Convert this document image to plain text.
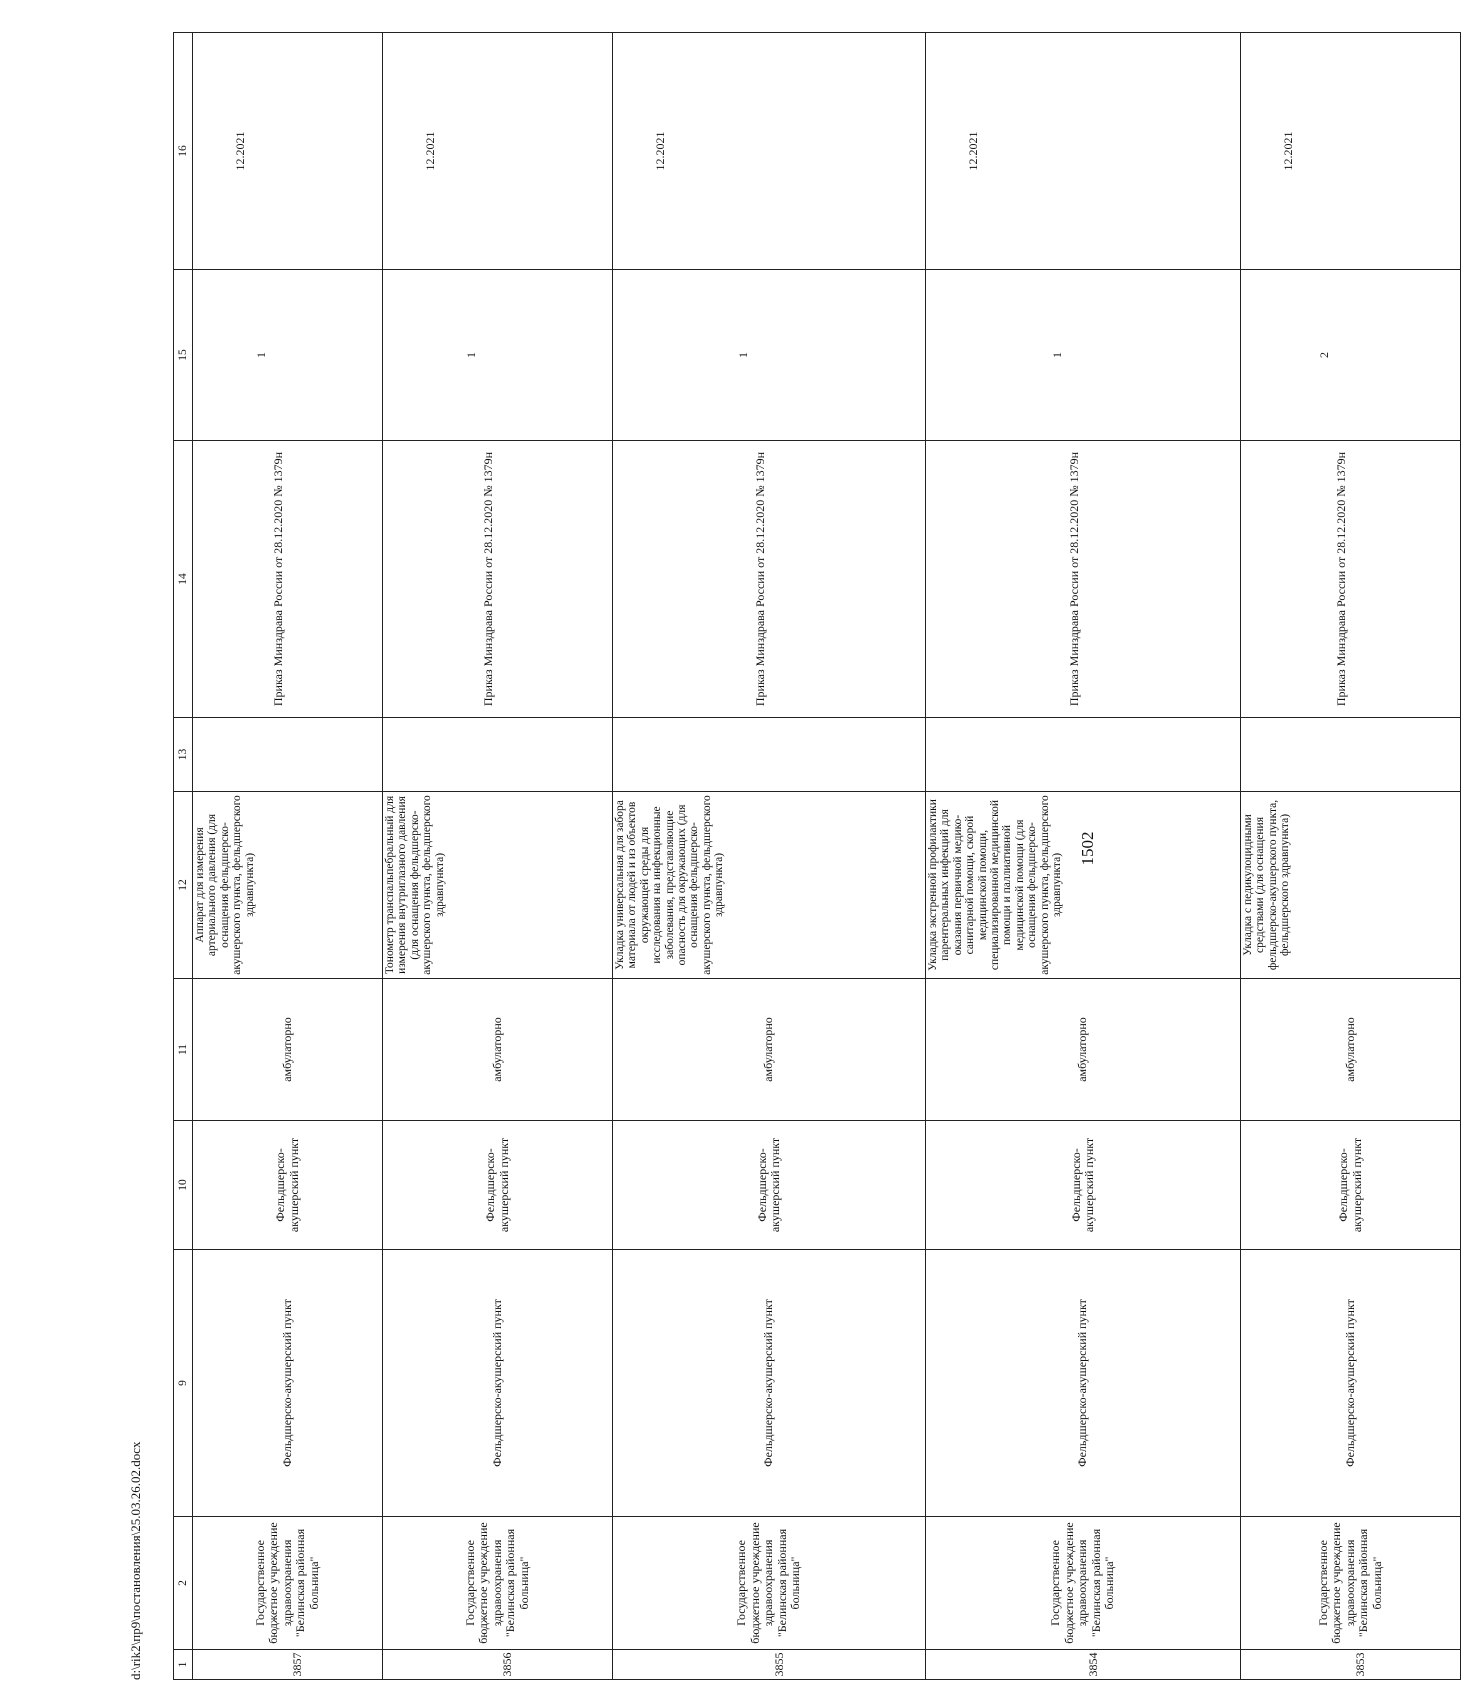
1502
1	2	9	10	11	12	13	14	15	16
3857	Государственное бюджетное учреждение здравоохранения "Белинская районная больница"	Фельдшерско-акушерский пункт	Фельдшерско-акушерский пункт	амбулаторно	Аппарат для измерения артериального давления (для оснащения фельдшерско-акушерского пункта, фельдшерского здравпункта)		Приказ Минздрава России от 28.12.2020 № 1379н	1	12.2021
3856	Государственное бюджетное учреждение здравоохранения "Белинская районная больница"	Фельдшерско-акушерский пункт	Фельдшерско-акушерский пункт	амбулаторно	Тонометр транспальпебральный для измерения внутриглазного давления (для оснащения фельдшерско-акушерского пункта, фельдшерского здравпункта)		Приказ Минздрава России от 28.12.2020 № 1379н	1	12.2021
3855	Государственное бюджетное учреждение здравоохранения "Белинская районная больница"	Фельдшерско-акушерский пункт	Фельдшерско-акушерский пункт	амбулаторно	Укладка универсальная для забора материала от людей и из объектов окружающей среды для исследования на инфекционные заболевания, представляющие опасность для окружающих (для оснащения фельдшерско-акушерского пункта, фельдшерского здравпункта)		Приказ Минздрава России от 28.12.2020 № 1379н	1	12.2021
3854	Государственное бюджетное учреждение здравоохранения "Белинская районная больница"	Фельдшерско-акушерский пункт	Фельдшерско-акушерский пункт	амбулаторно	Укладка экстренной профилактики парентеральных инфекций для оказания первичной медико-санитарной помощи, скорой медицинской помощи, специализированной медицинской помощи и паллиативной медицинской помощи (для оснащения фельдшерско-акушерского пункта, фельдшерского здравпункта)		Приказ Минздрава России от 28.12.2020 № 1379н	1	12.2021
3853	Государственное бюджетное учреждение здравоохранения "Белинская районная больница"	Фельдшерско-акушерский пункт	Фельдшерско-акушерский пункт	амбулаторно	Укладка с педикулоцидными средствами (для оснащения фельдшерско-акушерского пункта, фельдшерского здравпункта)		Приказ Минздрава России от 28.12.2020 № 1379н	2	12.2021
d:\rik2\пр9\постановления\25.03.26.02.docx
